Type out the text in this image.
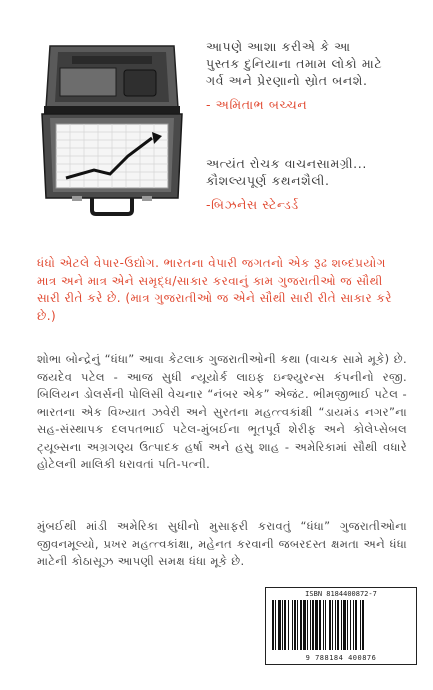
આપણે આશા કરીએ કે આ
પુસ્તક દુનિયાના તમામ લોકો માટે
ગર્વ અને પ્રેરણાનો સ્રોત બનશે.
- અમિતાભ બચ્ચન
અત્યંત રોચક વાચનસામગ્રી...
કૌશલ્યપૂર્ણ કથનશૈલી.
-બિઝનેસ સ્ટેન્ડર્ડ
ધંધો એટલે વેપાર-ઉદ્યોગ. ભારતના વેપારી જગતનો એક રૂઢ શબ્દપ્રયોગ માત્ર અને માત્ર એને સમૃદ્ધ/સાકાર કરવાનું કામ ગુજરાતીઓ જ સૌથી સારી રીતે કરે છે. (માત્ર ગુજરાતીઓ જ એને સૌથી સારી રીતે સાકાર કરે છે.)
શોભા બોન્દ્રેનું “ધંધા” આવા કેટલાક ગુજરાતીઓની કથા (વાચક સામે મૂકે) છે. જયદેવ પટેલ - આજ સુધી ન્યૂયોર્ક લાઇફ ઇન્શ્યુરન્સ કંપનીનો રજી. બિલિયન ડોલર્સની પોલિસી વેચનાર “નંબર એક” એજંટ. ભીમજીભાઈ પટેલ - ભારતના એક વિખ્યાત ઝવેરી અને સુરતના મહત્ત્વકાંક્ષી “ડાયમંડ નગર”ના સહ-સંસ્થાપક દલપતભાઈ પટેલ-મુંબઈના ભૂતપૂર્વ શેરીફ અને કોલેપ્સેબલ ટ્યૂબ્સના અગ્રગણ્ય ઉત્પાદક હર્ષા અને હસુ શાહ - અમેરિકામાં સૌથી વધારે હોટેલની માલિકી ધરાવતાં પતિ-પત્ની.
મુંબઈથી માંડી અમેરિકા સુધીનો મુસાફરી કરાવતું “ધંધા” ગુજરાતીઓના જીવનમૂલ્યો, પ્રખર મહત્ત્વકાંક્ષા, મહેનત કરવાની જબરદસ્ત ક્ષમતા અને ધંધા માટેની કોઠાસૂઝ આપણી સમક્ષ ધંધા મૂકે છે.
ISBN 8184400872-7
9 788184 400876
